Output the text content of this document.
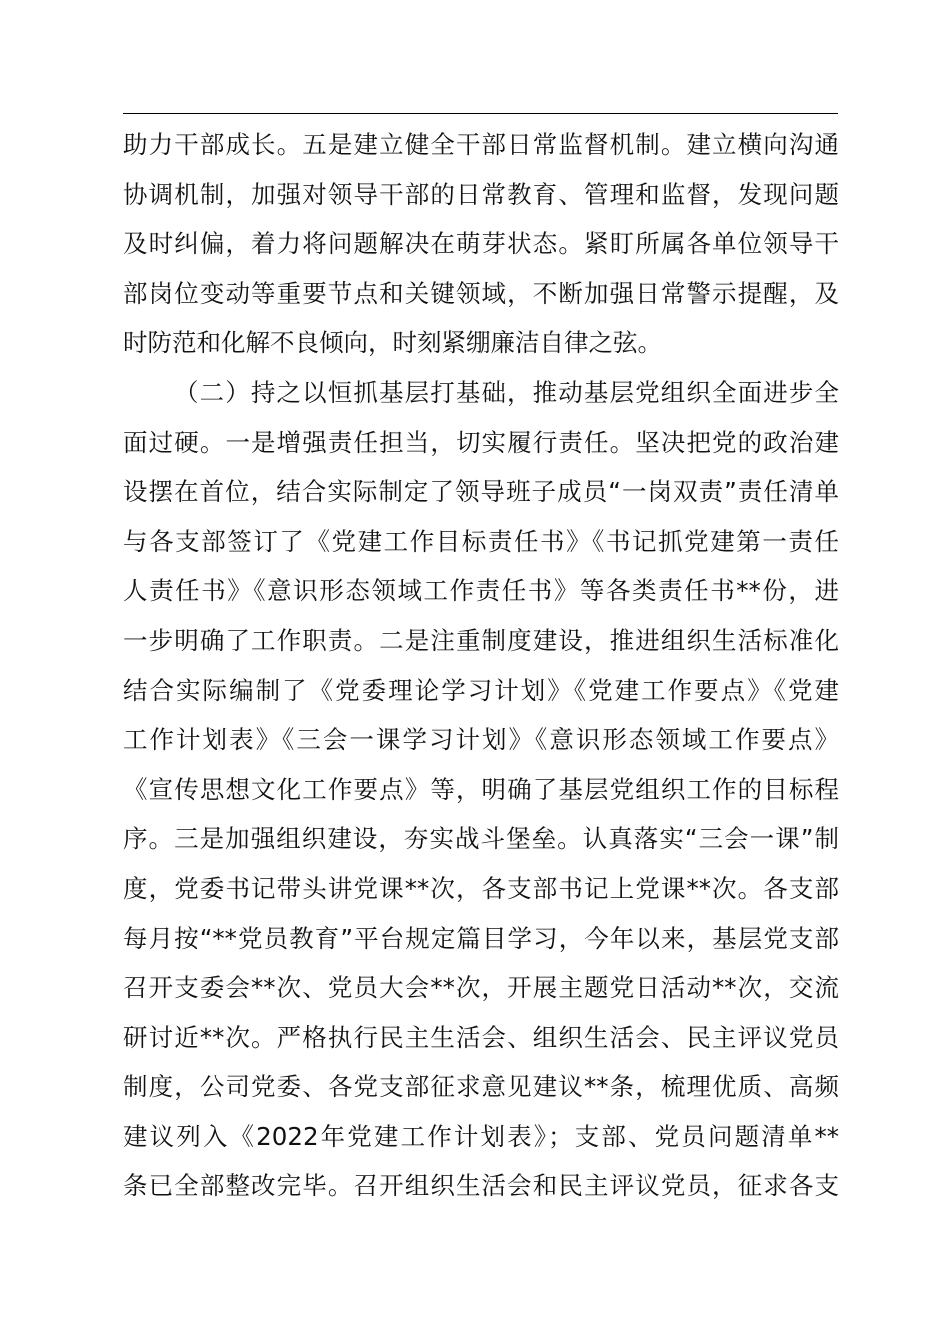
助力干部成长。五是建立健全干部日常监督机制。建立横向沟通
协调机制，加强对领导干部的日常教育、管理和监督，发现问题
及时纠偏，着力将问题解决在萌芽状态。紧盯所属各单位领导干
部岗位变动等重要节点和关键领域，不断加强日常警示提醒，及
时防范和化解不良倾向，时刻紧绷廉洁自律之弦。
（二）持之以恒抓基层打基础，推动基层党组织全面进步全
面过硬。一是增强责任担当，切实履行责任。坚决把党的政治建
设摆在首位，结合实际制定了领导班子成员“一岗双责”责任清单
与各支部签订了《党建工作目标责任书》《书记抓党建第一责任
人责任书》《意识形态领域工作责任书》等各类责任书**份，进
一步明确了工作职责。二是注重制度建设，推进组织生活标准化
结合实际编制了《党委理论学习计划》《党建工作要点》《党建
工作计划表》《三会一课学习计划》《意识形态领域工作要点》
《宣传思想文化工作要点》等，明确了基层党组织工作的目标程
序。三是加强组织建设，夯实战斗堡垒。认真落实“三会一课”制
度，党委书记带头讲党课**次，各支部书记上党课**次。各支部
每月按“**党员教育”平台规定篇目学习，今年以来，基层党支部
召开支委会**次、党员大会**次，开展主题党日活动**次，交流
研讨近**次。严格执行民主生活会、组织生活会、民主评议党员
制度，公司党委、各党支部征求意见建议**条，梳理优质、高频
建议列入《2022年党建工作计划表》；支部、党员问题清单**
条已全部整改完毕。召开组织生活会和民主评议党员，征求各支
